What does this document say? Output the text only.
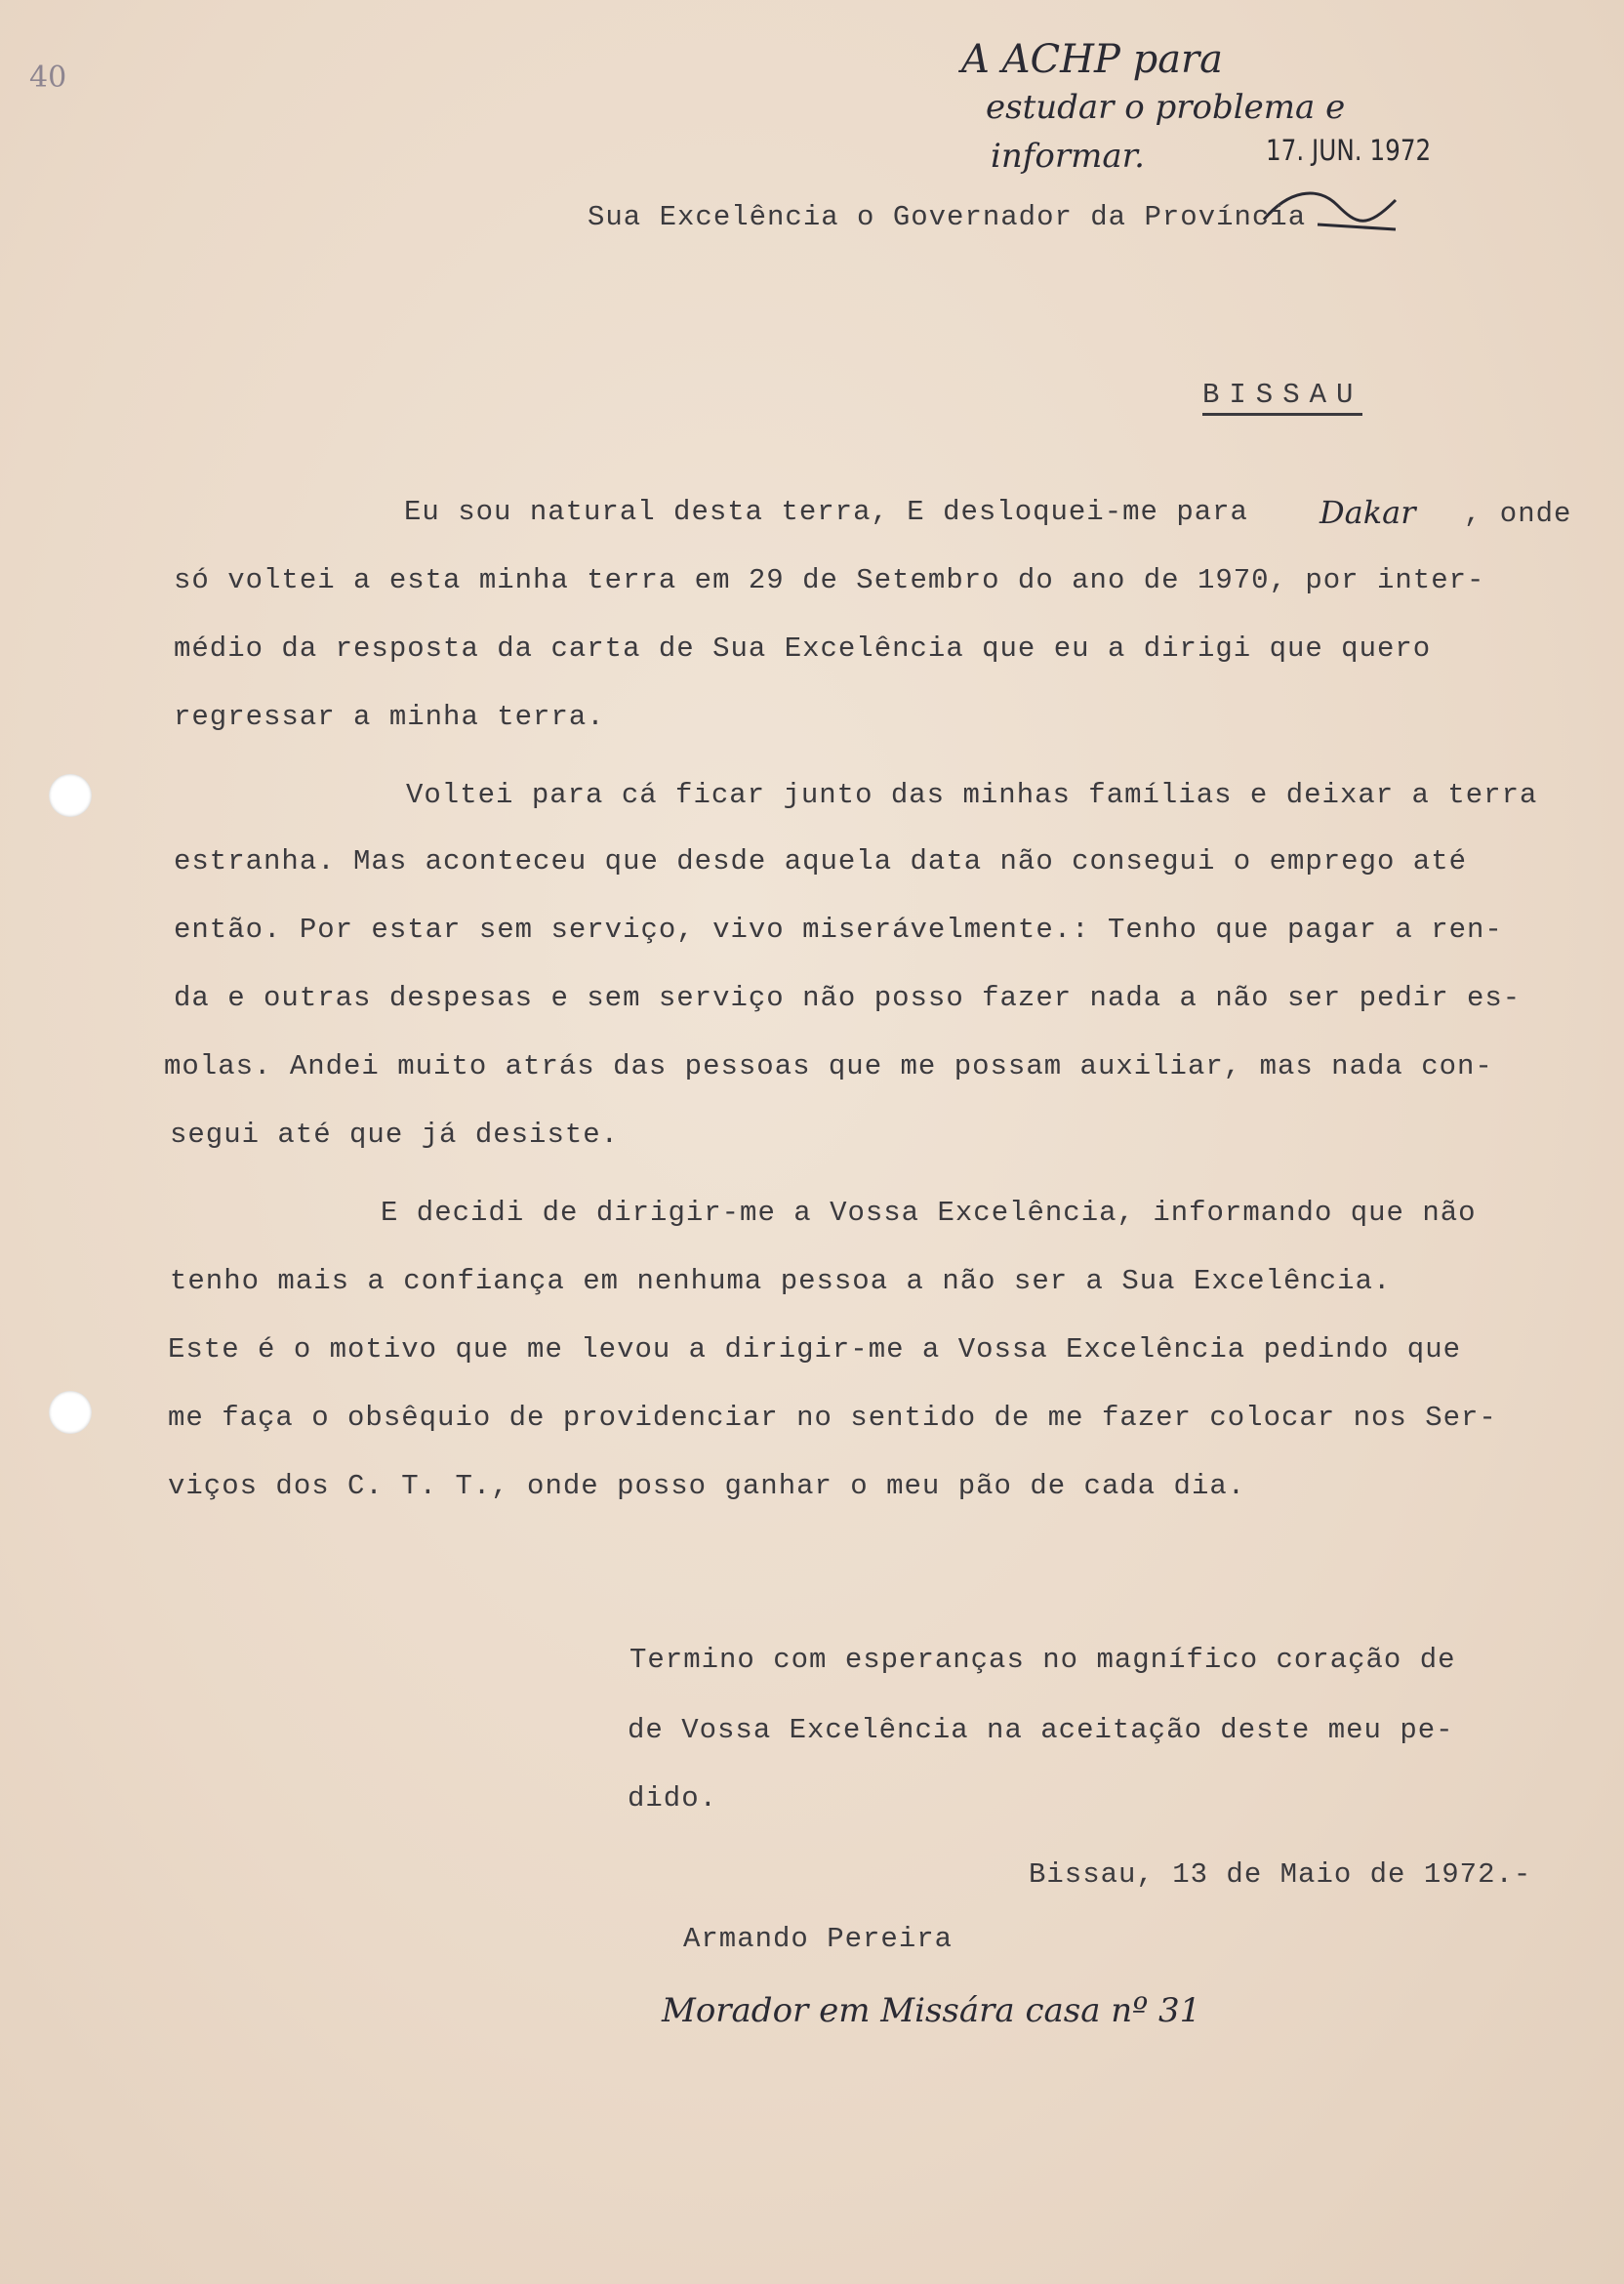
40	A ACHP para
estudar o problema e
informar.	17. JUN. 1972
Sua Excelência o Governador da Província
BISSAU
Eu sou natural desta terra, E desloquei-me para Dakar , onde
só voltei a esta minha terra em 29 de Setembro do ano de 1970, por inter-
médio da resposta da carta de Sua Excelência que eu a dirigi que quero
regressar a minha terra.
Voltei para cá ficar junto das minhas famílias e deixar a terra
estranha. Mas aconteceu que desde aquela data não consegui o emprego até
então. Por estar sem serviço, vivo miserávelmente.: Tenho que pagar a ren-
da e outras despesas e sem serviço não posso fazer nada a não ser pedir es-
molas. Andei muito atrás das pessoas que me possam auxiliar, mas nada con-
segui até que já desiste.
E decidi de dirigir-me a Vossa Excelência, informando que não
tenho mais a confiança em nenhuma pessoa a não ser a Sua Excelência.
Este é o motivo que me levou a dirigir-me a Vossa Excelência pedindo que
me faça o obsêquio de providenciar no sentido de me fazer colocar nos Ser-
viços dos C. T. T., onde posso ganhar o meu pão de cada dia.
Termino com esperanças no magnífico coração de
de Vossa Excelência na aceitação deste meu pe-
dido.
Bissau, 13 de Maio de 1972.-
Armando Pereira
Morador em Missára casa nº 31
